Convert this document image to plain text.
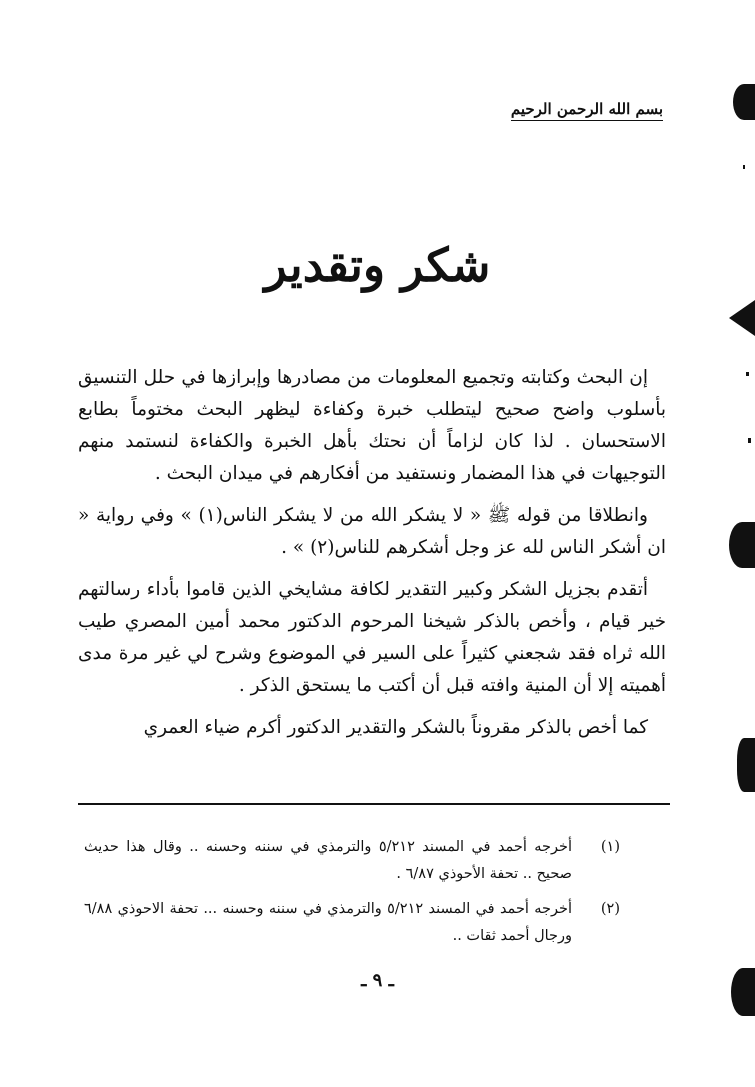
بسم الله الرحمن الرحيم
شكر وتقدير

إن البحث وكتابته وتجميع المعلومات من مصادرها وإبرازها في حلل التنسيق بأسلوب واضح صحيح ليتطلب خبرة وكفاءة ليظهر البحث مختوماً بطابع الاستحسان . لذا كان لزاماً أن نحتك بأهل الخبرة والكفاءة لنستمد منهم التوجيهات في هذا المضمار ونستفيد من أفكارهم في ميدان البحث .

وانطلاقا من قوله ﷺ « لا يشكر الله من لا يشكر الناس(١) » وفي رواية « ان أشكر الناس لله عز وجل أشكرهم للناس(٢) » .

أتقدم بجزيل الشكر وكبير التقدير لكافة مشايخي الذين قاموا بأداء رسالتهم خير قيام ، وأخص بالذكر شيخنا المرحوم الدكتور محمد أمين المصري طيب الله ثراه فقد شجعني كثيراً على السير في الموضوع وشرح لي غير مرة مدى أهميته إلا أن المنية وافته قبل أن أكتب ما يستحق الذكر .

كما أخص بالذكر مقروناً بالشكر والتقدير الدكتور أكرم ضياء العمري

(١)
أخرجه أحمد في المسند ٥/٢١٢ والترمذي في سننه وحسنه .. وقال هذا حديث صحيح .. تحفة الأحوذي ٦/٨٧ .
(٢)
أخرجه أحمد في المسند ٥/٢١٢ والترمذي في سننه وحسنه ... تحفة الاحوذي ٦/٨٨ ورجال أحمد ثقات ..
ـ ٩ ـ
